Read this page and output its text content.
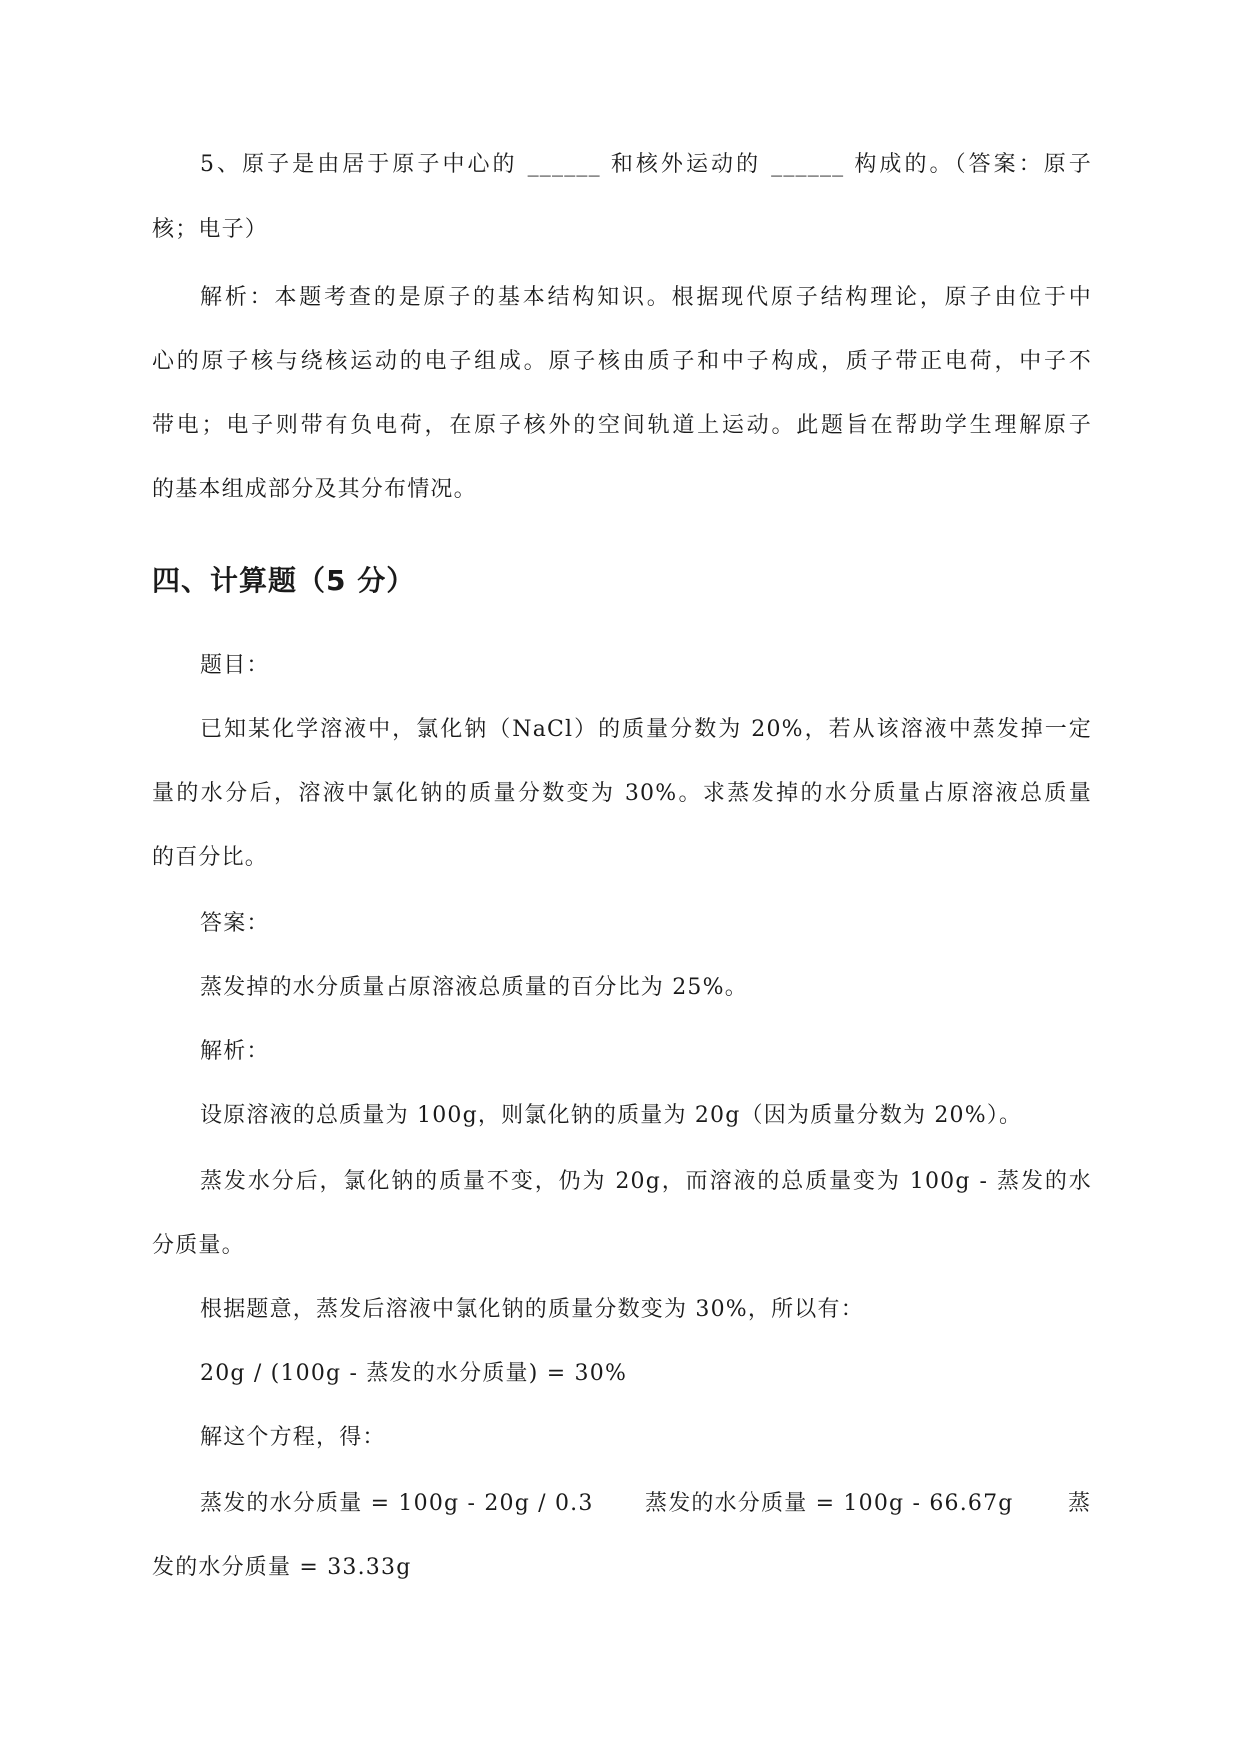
5、原子是由居于原子中心的 ______ 和核外运动的 ______ 构成的。（答案：原子
核；电子）
解析：本题考查的是原子的基本结构知识。根据现代原子结构理论，原子由位于中
心的原子核与绕核运动的电子组成。原子核由质子和中子构成，质子带正电荷，中子不
带电；电子则带有负电荷，在原子核外的空间轨道上运动。此题旨在帮助学生理解原子
的基本组成部分及其分布情况。
四、计算题（5 分）
题目：
已知某化学溶液中，氯化钠（NaCl）的质量分数为 20%，若从该溶液中蒸发掉一定
量的水分后，溶液中氯化钠的质量分数变为 30%。求蒸发掉的水分质量占原溶液总质量
的百分比。
答案：
蒸发掉的水分质量占原溶液总质量的百分比为 25%。
解析：
设原溶液的总质量为 100g，则氯化钠的质量为 20g（因为质量分数为 20%）。
蒸发水分后，氯化钠的质量不变，仍为 20g，而溶液的总质量变为 100g - 蒸发的水
分质量。
根据题意，蒸发后溶液中氯化钠的质量分数变为 30%，所以有：
20g / (100g - 蒸发的水分质量) = 30%
解这个方程，得：
蒸发的水分质量 = 100g - 20g / 0.3 蒸发的水分质量 = 100g - 66.67g 蒸
发的水分质量 = 33.33g
